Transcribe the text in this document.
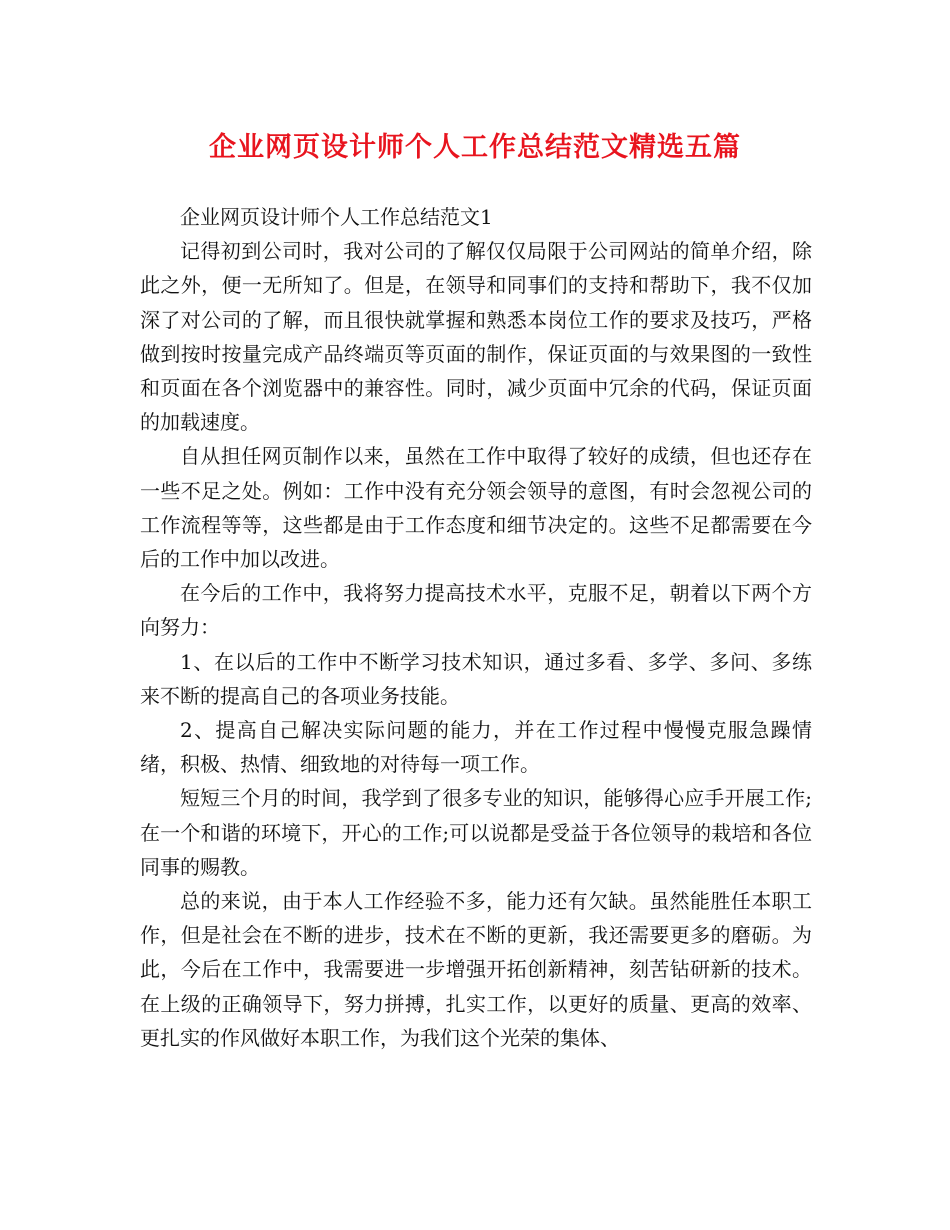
企业网页设计师个人工作总结范文精选五篇

企业网页设计师个人工作总结范文1

记得初到公司时，我对公司的了解仅仅局限于公司网站的简单介绍，除此之外，便一无所知了。但是，在领导和同事们的支持和帮助下，我不仅加深了对公司的了解，而且很快就掌握和熟悉本岗位工作的要求及技巧，严格做到按时按量完成产品终端页等页面的制作，保证页面的与效果图的一致性和页面在各个浏览器中的兼容性。同时，减少页面中冗余的代码，保证页面的加载速度。

自从担任网页制作以来，虽然在工作中取得了较好的成绩，但也还存在一些不足之处。例如：工作中没有充分领会领导的意图，有时会忽视公司的工作流程等等，这些都是由于工作态度和细节决定的。这些不足都需要在今后的工作中加以改进。

在今后的工作中，我将努力提高技术水平，克服不足，朝着以下两个方向努力：

1、在以后的工作中不断学习技术知识，通过多看、多学、多问、多练来不断的提高自己的各项业务技能。

2、提高自己解决实际问题的能力，并在工作过程中慢慢克服急躁情绪，积极、热情、细致地的对待每一项工作。

短短三个月的时间，我学到了很多专业的知识，能够得心应手开展工作;在一个和谐的环境下，开心的工作;可以说都是受益于各位领导的栽培和各位同事的赐教。

总的来说，由于本人工作经验不多，能力还有欠缺。虽然能胜任本职工作，但是社会在不断的进步，技术在不断的更新，我还需要更多的磨砺。为此，今后在工作中，我需要进一步增强开拓创新精神，刻苦钻研新的技术。在上级的正确领导下，努力拼搏，扎实工作，以更好的质量、更高的效率、更扎实的作风做好本职工作，为我们这个光荣的集体、
